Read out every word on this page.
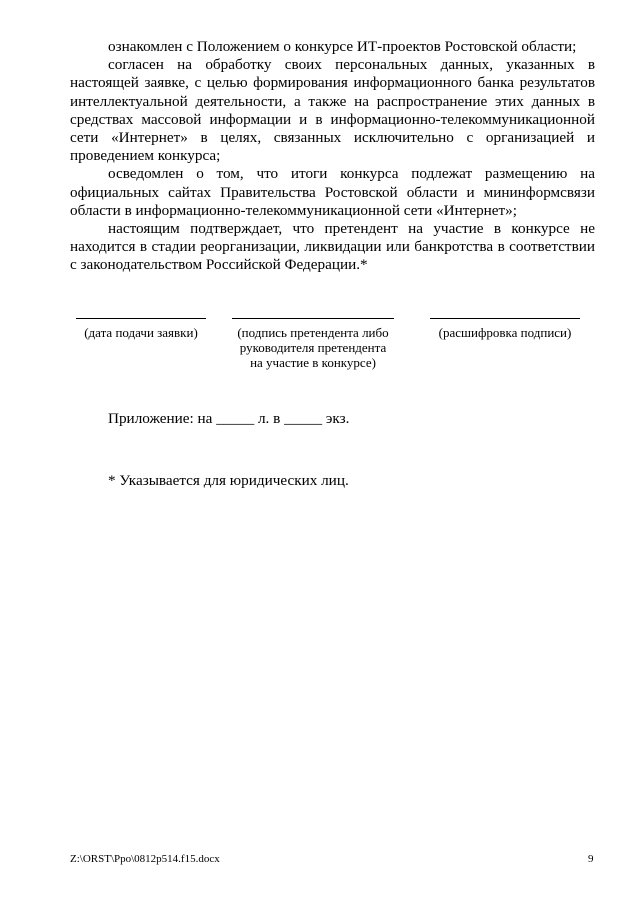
ознакомлен с Положением о конкурсе ИТ-проектов Ростовской области;

согласен на обработку своих персональных данных, указанных в настоящей заявке, с целью формирования информационного банка результатов интеллектуальной деятельности, а также на распространение этих данных в средствах массовой информации и в информационно-телекоммуникационной сети «Интернет» в целях, связанных исключительно с организацией и проведением конкурса;

осведомлен о том, что итоги конкурса подлежат размещению на официальных сайтах Правительства Ростовской области и мининформсвязи области в информационно-телекоммуникационной сети «Интернет»;

настоящим подтверждает, что претендент на участие в конкурсе не находится в стадии реорганизации, ликвидации или банкротства в соответствии с законодательством Российской Федерации.*

(дата подачи заявки)	(подпись претендента либо
руководителя претендента
на участие в конкурсе)
(расшифровка подписи)
Приложение: на _____ л. в _____ экз.
* Указывается для юридических лиц.
Z:\ORST\Ppo\0812p514.f15.docx	9
